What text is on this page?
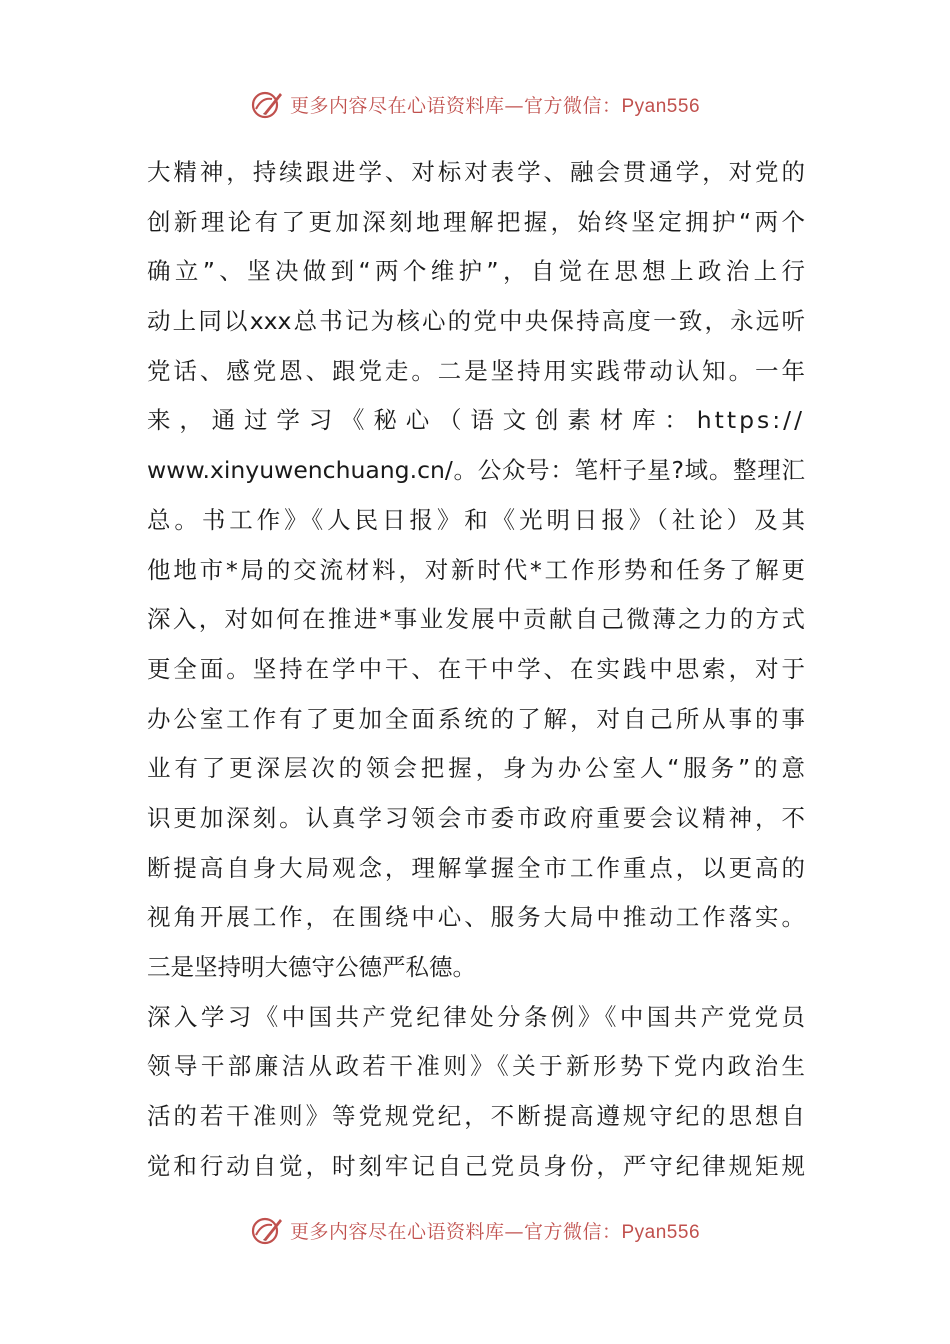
更多内容尽在心语资料库—官方微信：Pyan556
大精神，持续跟进学、对标对表学、融会贯通学，对党的
创新理论有了更加深刻地理解把握，始终坚定拥护“两个
确立”、坚决做到“两个维护”，自觉在思想上政治上行
动上同以xxx总书记为核心的党中央保持高度一致，永远听
党话、感党恩、跟党走。二是坚持用实践带动认知。一年
来，通过学习《秘心（语文创素材库：https://
www.xinyuwenchuang.cn/。公众号：笔杆子星?域。整理汇
总。书工作》《人民日报》和《光明日报》（社论）及其
他地市*局的交流材料，对新时代*工作形势和任务了解更
深入，对如何在推进*事业发展中贡献自己微薄之力的方式
更全面。坚持在学中干、在干中学、在实践中思索，对于
办公室工作有了更加全面系统的了解，对自己所从事的事
业有了更深层次的领会把握，身为办公室人“服务”的意
识更加深刻。认真学习领会市委市政府重要会议精神，不
断提高自身大局观念，理解掌握全市工作重点，以更高的
视角开展工作，在围绕中心、服务大局中推动工作落实。
三是坚持明大德守公德严私德。
深入学习《中国共产党纪律处分条例》《中国共产党党员
领导干部廉洁从政若干准则》《关于新形势下党内政治生
活的若干准则》等党规党纪，不断提高遵规守纪的思想自
觉和行动自觉，时刻牢记自己党员身份，严守纪律规矩规
更多内容尽在心语资料库—官方微信：Pyan556
